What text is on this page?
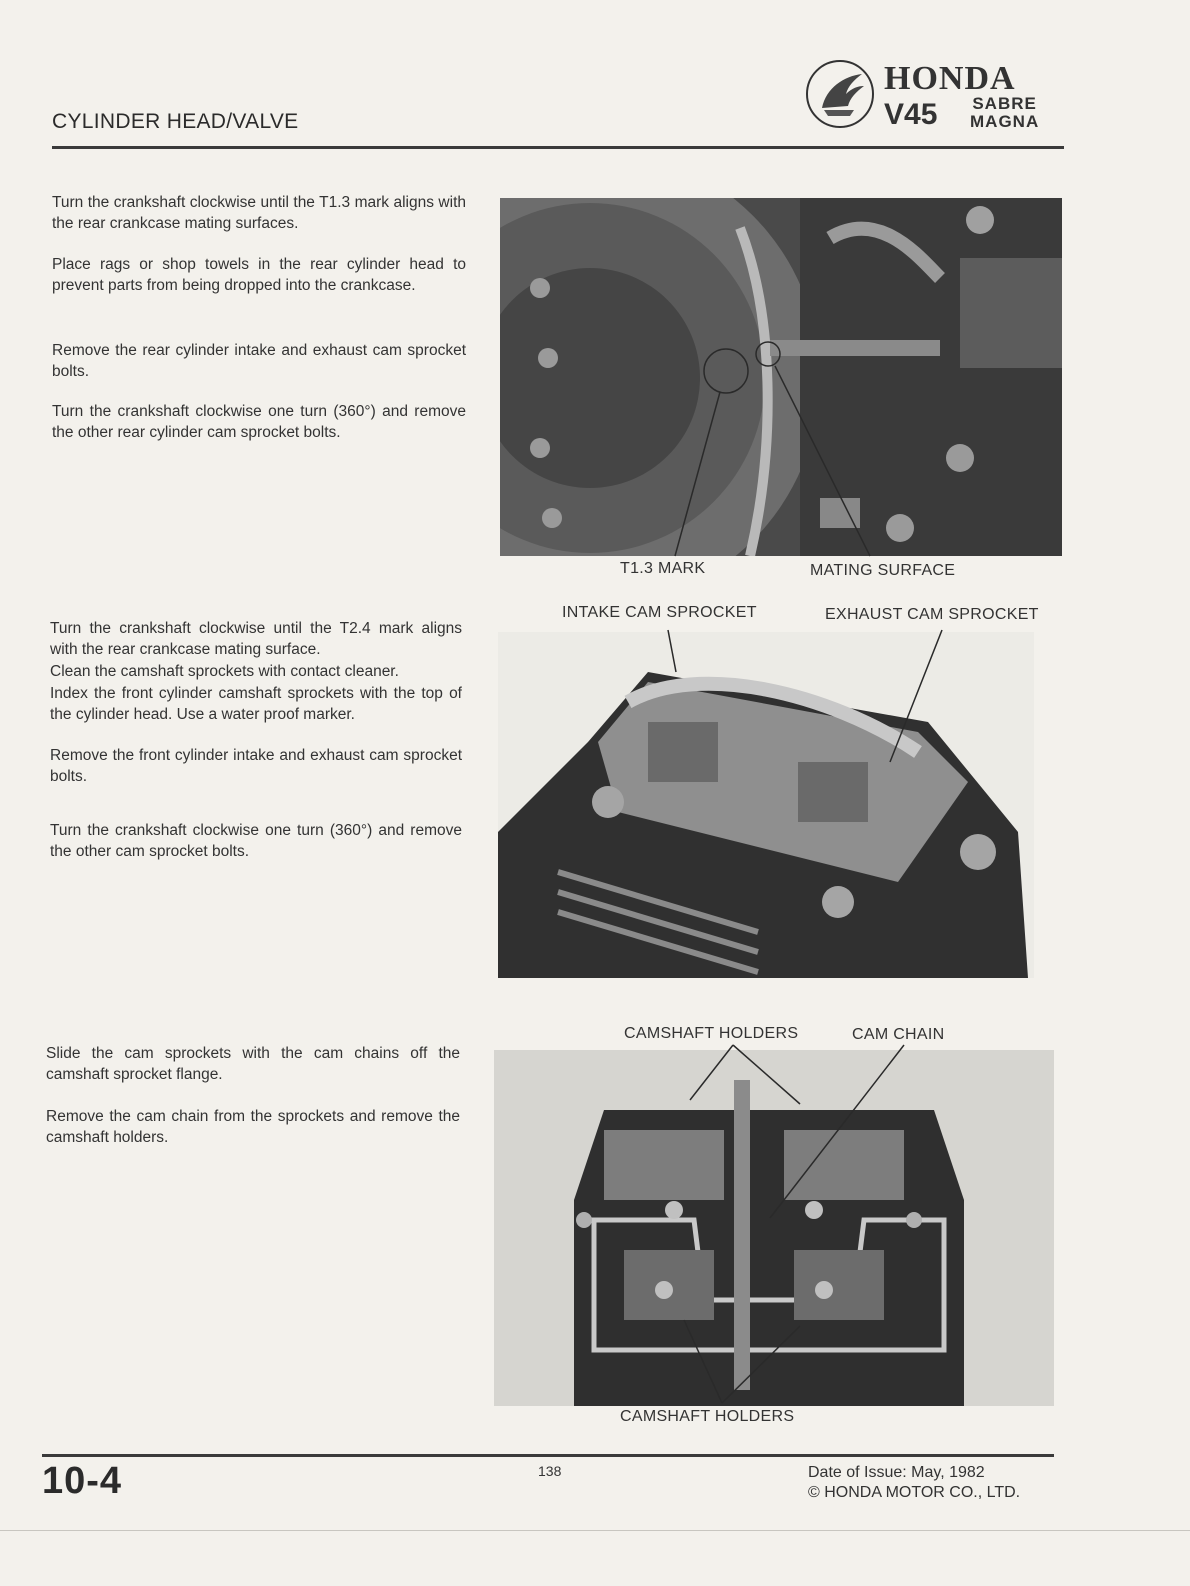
CYLINDER HEAD/VALVE
HONDA
V45 SABRE
MAGNA
Turn the crankshaft clockwise until the T1.3 mark aligns with the rear crankcase mating surfaces.
Place rags or shop towels in the rear cylinder head to prevent parts from being dropped into the crankcase.
Remove the rear cylinder intake and exhaust cam sprocket bolts.
Turn the crankshaft clockwise one turn (360°) and remove the other rear cylinder cam sprocket bolts.
T1.3 MARK	MATING SURFACE
Turn the crankshaft clockwise until the T2.4 mark aligns with the rear crankcase mating surface.
Clean the camshaft sprockets with contact cleaner.
Index the front cylinder camshaft sprockets with the top of the cylinder head. Use a water proof marker.
Remove the front cylinder intake and exhaust cam sprocket bolts.
Turn the crankshaft clockwise one turn (360°) and remove the other cam sprocket bolts.
INTAKE CAM SPROCKET	EXHAUST CAM SPROCKET
Slide the cam sprockets with the cam chains off the camshaft sprocket flange.
Remove the cam chain from the sprockets and remove the camshaft holders.
CAMSHAFT HOLDERS	CAM CHAIN
CAMSHAFT HOLDERS
10-4	138	Date of Issue: May, 1982
© HONDA MOTOR CO., LTD.
